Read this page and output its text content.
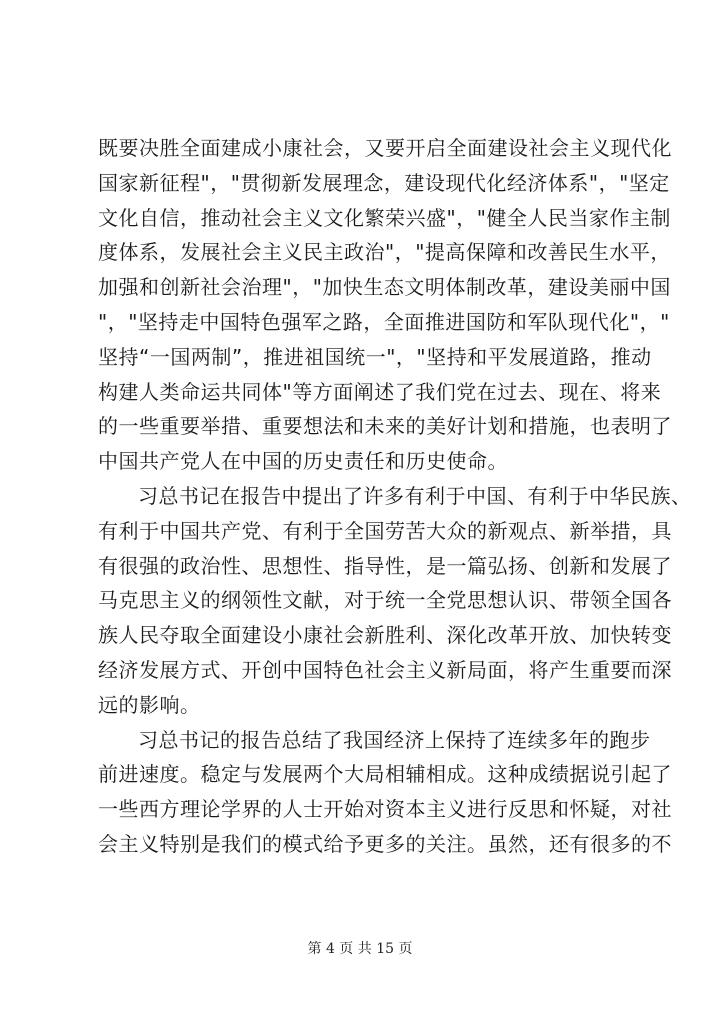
既要决胜全面建成小康社会，又要开启全面建设社会主义现代化
国家新征程"，"贯彻新发展理念，建设现代化经济体系"，"坚定
文化自信，推动社会主义文化繁荣兴盛"，"健全人民当家作主制
度体系，发展社会主义民主政治"，"提高保障和改善民生水平，
加强和创新社会治理"，"加快生态文明体制改革，建设美丽中国
"，"坚持走中国特色强军之路，全面推进国防和军队现代化"，"
坚持“一国两制”，推进祖国统一"，"坚持和平发展道路，推动
构建人类命运共同体"等方面阐述了我们党在过去、现在、将来
的一些重要举措、重要想法和未来的美好计划和措施，也表明了
中国共产党人在中国的历史责任和历史使命。
习总书记在报告中提出了许多有利于中国、有利于中华民族、
有利于中国共产党、有利于全国劳苦大众的新观点、新举措，具
有很强的政治性、思想性、指导性，是一篇弘扬、创新和发展了
马克思主义的纲领性文献，对于统一全党思想认识、带领全国各
族人民夺取全面建设小康社会新胜利、深化改革开放、加快转变
经济发展方式、开创中国特色社会主义新局面，将产生重要而深
远的影响。
习总书记的报告总结了我国经济上保持了连续多年的跑步
前进速度。稳定与发展两个大局相辅相成。这种成绩据说引起了
一些西方理论学界的人士开始对资本主义进行反思和怀疑，对社
会主义特别是我们的模式给予更多的关注。虽然，还有很多的不
第 4 页 共 15 页
